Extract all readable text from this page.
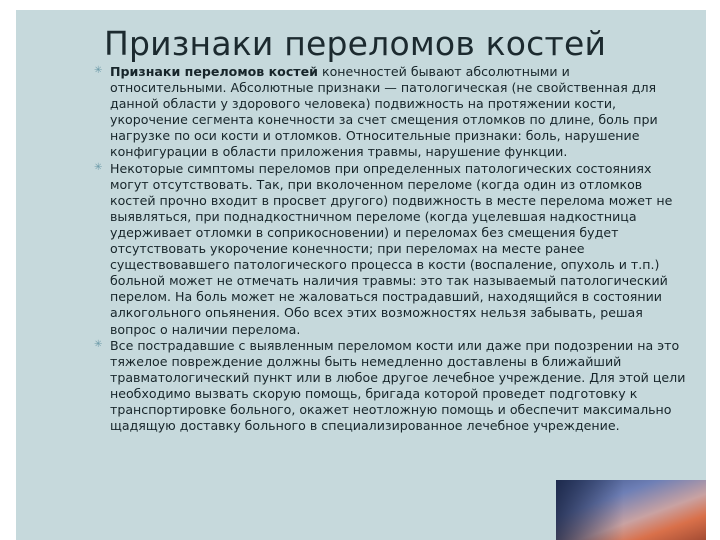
Признаки переломов костей
✳ Признаки переломов костей конечностей бывают абсолютными и относительными. Абсолютные признаки — патологическая (не свойственная для данной области у здорового человека) подвижность на протяжении кости, укорочение сегмента конечности за счет смещения отломков по длине, боль при нагрузке по оси кости и отломков. Относительные признаки: боль, нарушение конфигурации в области приложения травмы, нарушение функции.
✳ Некоторые симптомы переломов при определенных патологических состояниях могут отсутствовать. Так, при вколоченном переломе (когда один из отломков костей прочно входит в просвет другого) подвижность в месте перелома может не выявляться, при поднадкостничном переломе (когда уцелевшая надкостница удерживает отломки в соприкосновении) и переломах без смещения будет отсутствовать укорочение конечности; при переломах на месте ранее существовавшего патологического процесса в кости (воспаление, опухоль и т.п.) больной может не отмечать наличия травмы: это так называемый патологический перелом. На боль может не жаловаться пострадавший, находящийся в состоянии алкогольного опьянения. Обо всех этих возможностях нельзя забывать, решая вопрос о наличии перелома.
✳ Все пострадавшие с выявленным переломом кости или даже при подозрении на это тяжелое повреждение должны быть немедленно доставлены в ближайший травматологический пункт или в любое другое лечебное учреждение. Для этой цели необходимо вызвать скорую помощь, бригада которой проведет подготовку к транспортировке больного, окажет неотложную помощь и обеспечит максимально щадящую доставку больного в специализированное лечебное учреждение.
